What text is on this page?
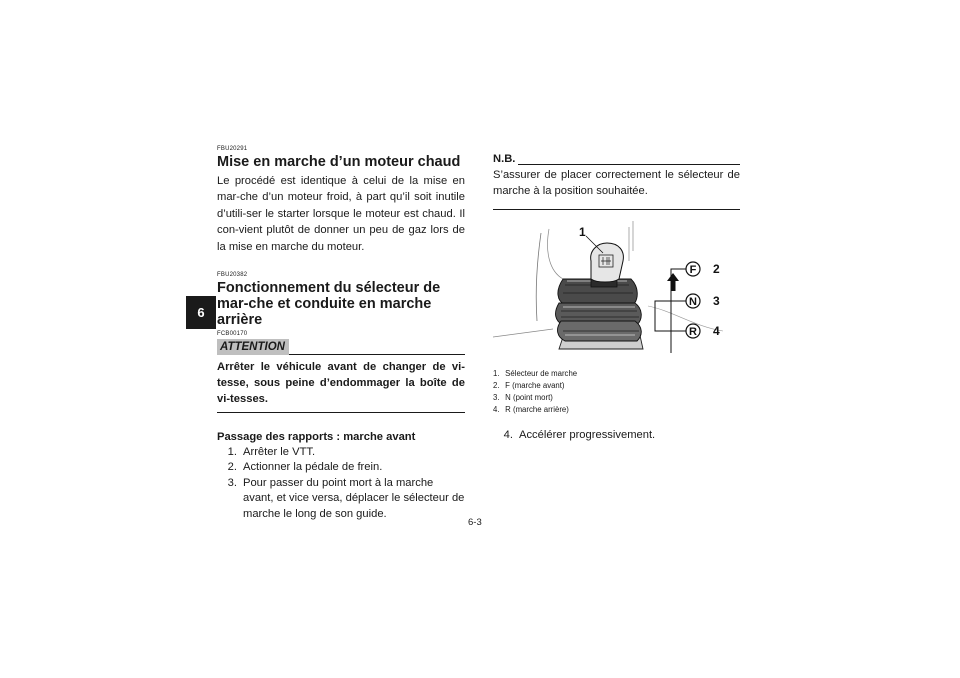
6
FBU20291
Mise en marche d’un moteur chaud

Le procédé est identique à celui de la mise en mar-che d’un moteur froid, à part qu’il soit inutile d’utili-ser le starter lorsque le moteur est chaud. Il con-vient plutôt de donner un peu de gaz lors de la mise en marche du moteur.

FBU20382
Fonctionnement du sélecteur de mar-che et conduite en marche arrière
FCB00170
ATTENTION
Arrêter le véhicule avant de changer de vi-tesse, sous peine d’endommager la boîte de vi-tesses.
Passage des rapports : marche avant
1. Arrêter le VTT.
2. Actionner la pédale de frein.
3. Pour passer du point mort à la marche avant, et vice versa, déplacer le sélecteur de marche le long de son guide.
N.B.
S’assurer de placer correctement le sélecteur de marche à la position souhaitée.
F
N
R
1
2
3
4
1. Sélecteur de marche
2. F (marche avant)
3. N (point mort)
4. R (marche arrière)
4. Accélérer progressivement.
6-3
